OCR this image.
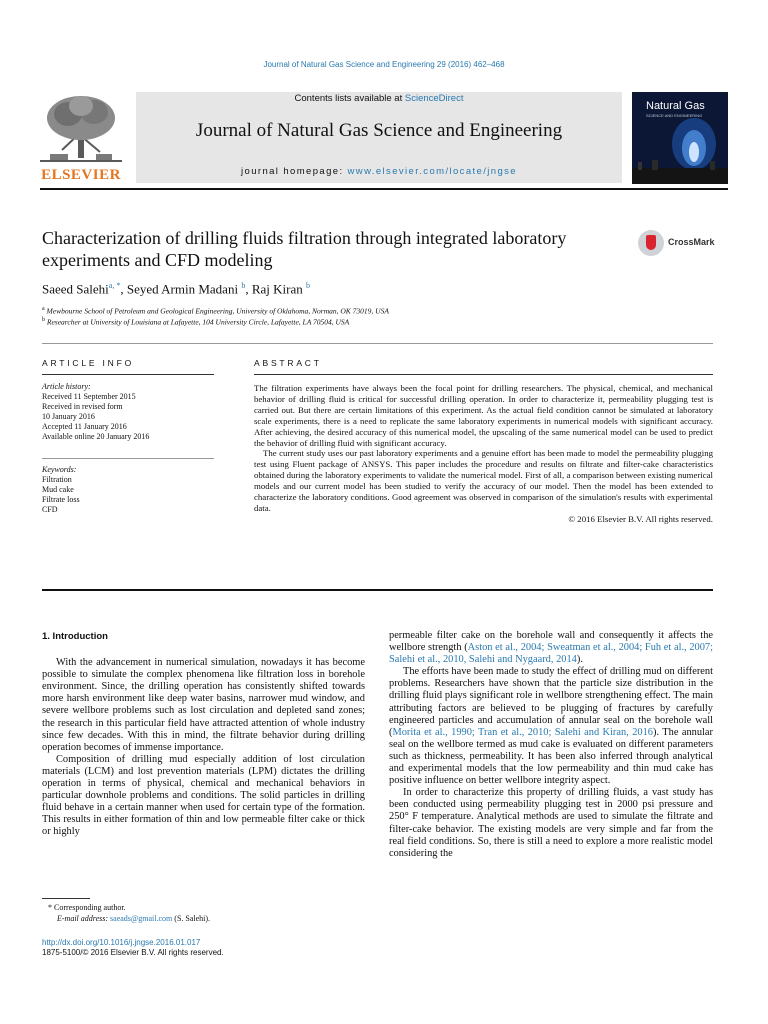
Journal of Natural Gas Science and Engineering 29 (2016) 462–468
ELSEVIER
Contents lists available at ScienceDirect
Journal of Natural Gas Science and Engineering
journal homepage: www.elsevier.com/locate/jngse
Natural Gas
SCIENCE AND ENGINEERING
Characterization of drilling fluids filtration through integrated laboratory experiments and CFD modeling
CrossMark
Saeed Salehi$^{a, *}$, Seyed Armin Madani $^b$, Raj Kiran $^b$
$^a$ Mewbourne School of Petroleum and Geological Engineering, University of Oklahoma, Norman, OK 73019, USA
$^b$ Researcher at University of Louisiana at Lafayette, 104 University Circle, Lafayette, LA 70504, USA
ARTICLE INFO	ABSTRACT
Article history:
Received 11 September 2015
Received in revised form
10 January 2016
Accepted 11 January 2016
Available online 20 January 2016
Keywords:
Filtration
Mud cake
Filtrate loss
CFD

The filtration experiments have always been the focal point for drilling researchers. The physical, chemical, and mechanical behavior of drilling fluid is critical for successful drilling operation. In order to characterize it, permeability plugging test is carried out. But there are certain limitations of this experiment. As the actual field condition cannot be simulated at laboratory scale experiments, there is a need to replicate the same laboratory experiments in numerical models with significant accuracy. After achieving, the desired accuracy of this numerical model, the upscaling of the same numerical model can be used to predict the behavior of drilling fluid with significant accuracy.

The current study uses our past laboratory experiments and a genuine effort has been made to model the permeability plugging test using Fluent package of ANSYS. This paper includes the procedure and results on filtrate and filter-cake characteristics obtained during the laboratory experiments to validate the numerical model. First of all, a comparison between existing numerical models and our current model has been studied to verify the accuracy of our model. Then the model has been extended to characterize the laboratory conditions. Good agreement was observed in comparison of the simulation's results with experimental data.

© 2016 Elsevier B.V. All rights reserved.

1. Introduction

With the advancement in numerical simulation, nowadays it has become possible to simulate the complex phenomena like filtration loss in borehole environment. Since, the drilling operation has consistently shifted towards more harsh environment like deep water basins, narrower mud window, and severe wellbore problems such as lost circulation and depleted sand zones; the research in this particular field have attracted attention of whole industry since few decades. With this in mind, the filtrate behavior during drilling operation becomes of immense importance.

Composition of drilling mud especially addition of lost circulation materials (LCM) and lost prevention materials (LPM) dictates the drilling operation in terms of physical, chemical and mechanical behaviors in particular downhole problems and conditions. The solid particles in drilling fluid behave in a certain manner when used for certain type of the formation. This results in either formation of thin and low permeable filter cake or thick or highly

permeable filter cake on the borehole wall and consequently it affects the wellbore strength (Aston et al., 2004; Sweatman et al., 2004; Fuh et al., 2007; Salehi et al., 2010, Salehi and Nygaard, 2014).

The efforts have been made to study the effect of drilling mud on different problems. Researchers have shown that the particle size distribution in the drilling fluid plays significant role in wellbore strengthening effect. The main attributing factors are believed to be plugging of fractures by carefully engineered particles and accumulation of annular seal on the borehole wall (Morita et al., 1990; Tran et al., 2010; Salehi and Kiran, 2016). The annular seal on the wellbore termed as mud cake is evaluated on different parameters such as thickness, permeability. It has been also inferred through analytical and experimental models that the low permeability and thin mud cake has positive influence on better wellbore integrity aspect.

In order to characterize this property of drilling fluids, a vast study has been conducted using permeability plugging test in 2000 psi pressure and 250° F temperature. Analytical methods are used to simulate the filtrate and filter-cake behavior. The existing models are very simple and far from the real field conditions. So, there is still a need to explore a more realistic model considering the

* Corresponding author.
E-mail address: saeads@gmail.com (S. Salehi).
http://dx.doi.org/10.1016/j.jngse.2016.01.017
1875-5100/© 2016 Elsevier B.V. All rights reserved.
